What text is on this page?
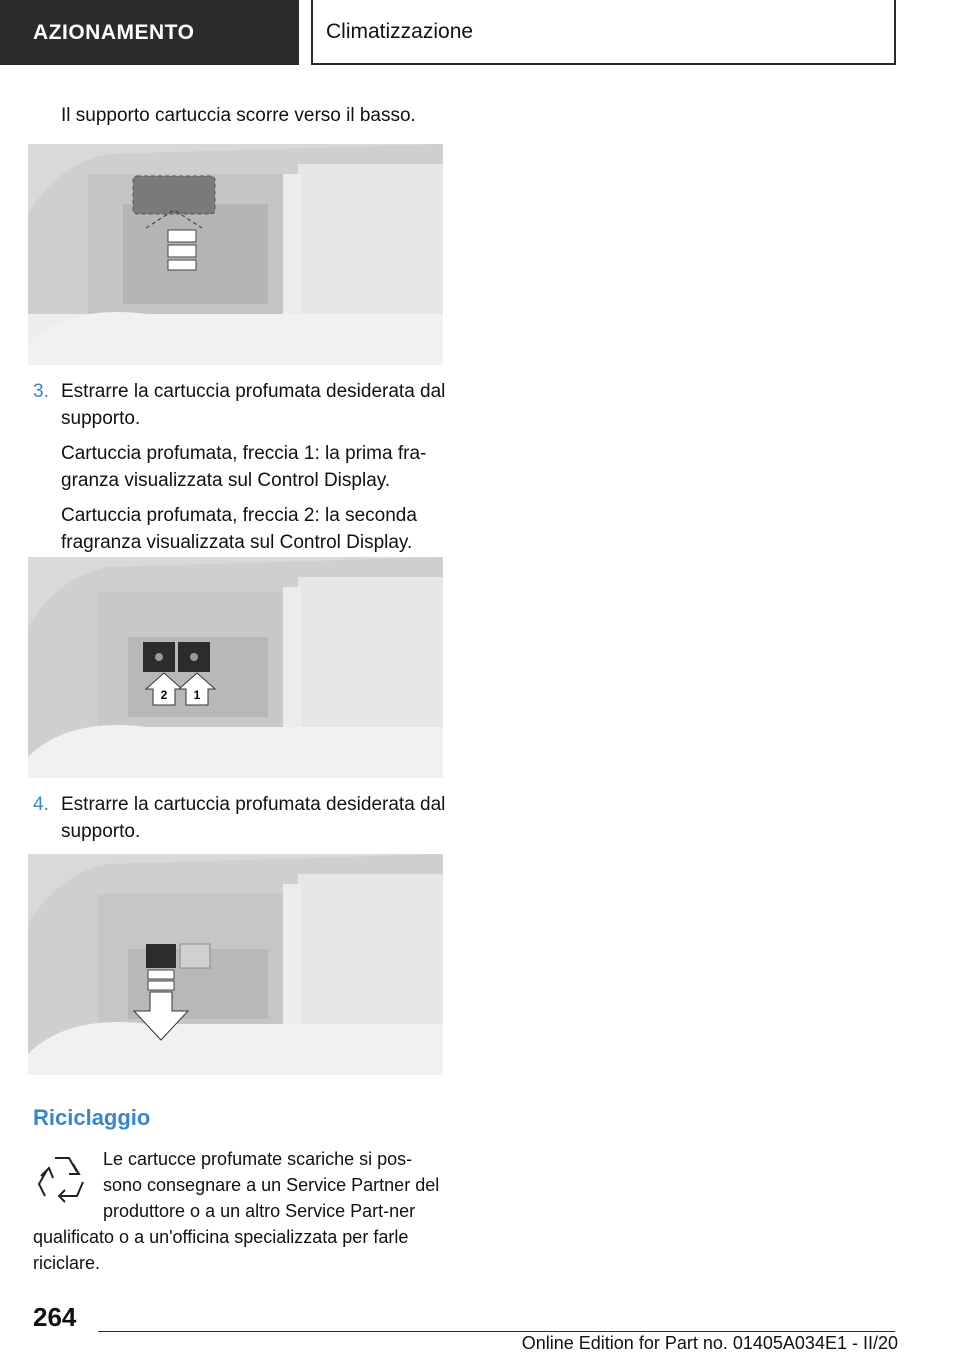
AZIONAMENTO	Climatizzazione
Il supporto cartuccia scorre verso il basso.
3. Estrarre la cartuccia profumata desiderata dal supporto.

Cartuccia profumata, freccia 1: la prima fra-granza visualizzata sul Control Display.

Cartuccia profumata, freccia 2: la seconda fragranza visualizzata sul Control Display.

2 1
4. Estrarre la cartuccia profumata desiderata dal supporto.

Riciclaggio
Le cartucce profumate scariche si pos-sono consegnare a un Service Partner del produttore o a un altro Service Part-ner qualificato o a un'officina specializzata per farle riciclare.
264
Online Edition for Part no. 01405A034E1 - II/20
